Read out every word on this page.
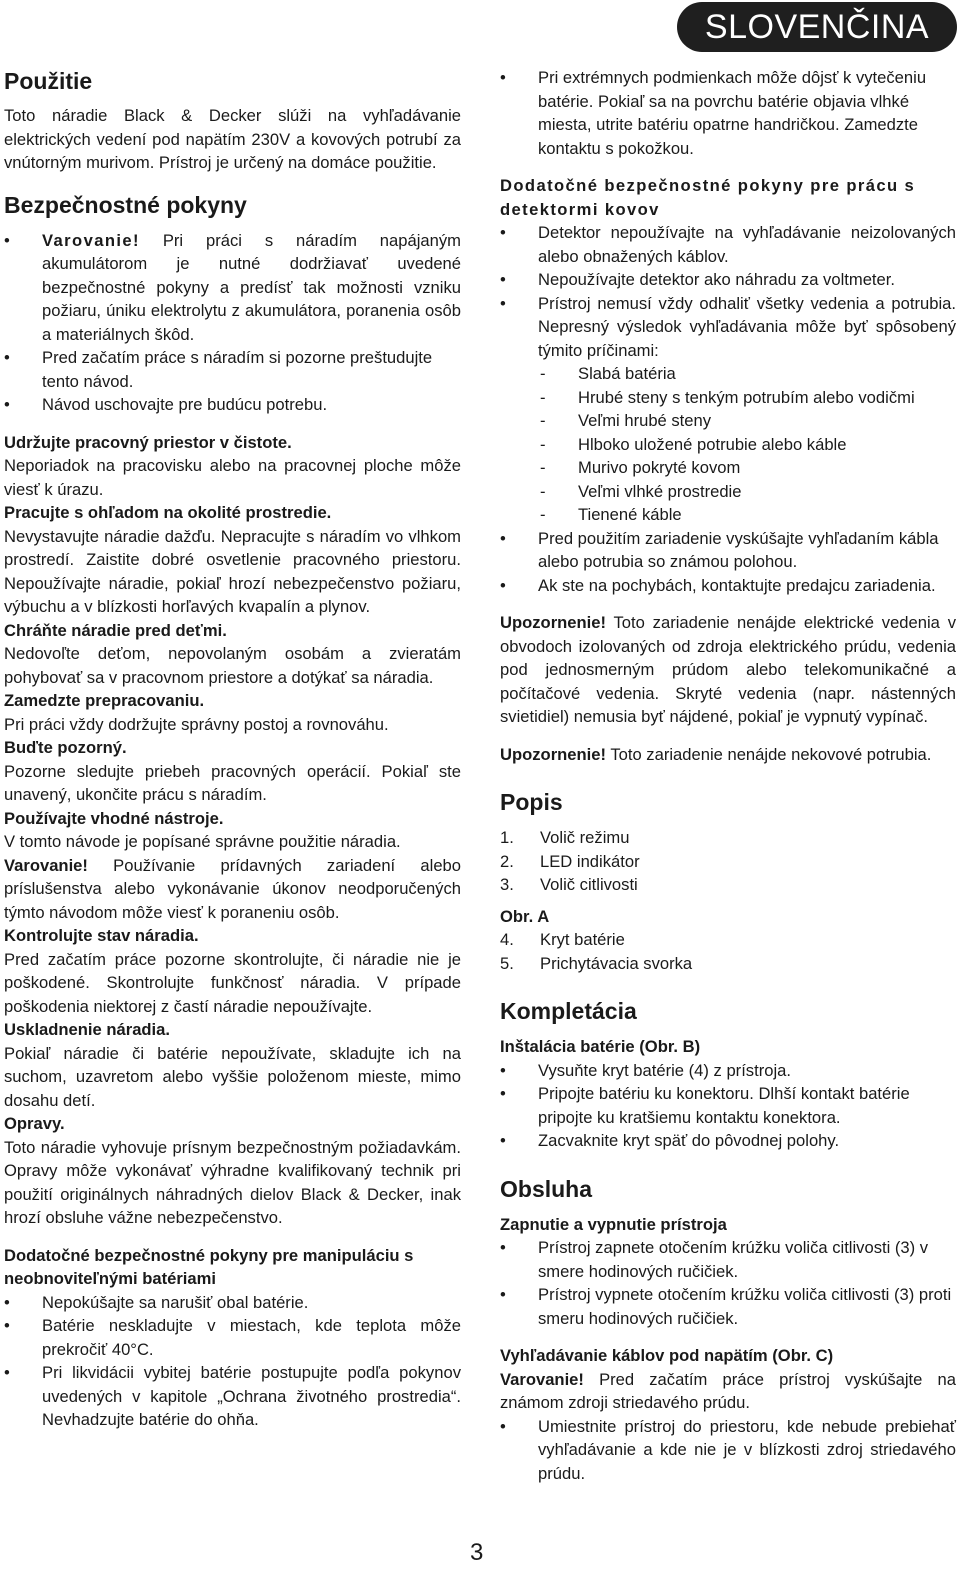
SLOVENČINA
Použitie
Toto náradie Black & Decker slúži na vyhľadávanie elektrických vedení pod napätím 230V a kovových potrubí za vnútorným murivom. Prístroj je určený na domáce použitie.
Bezpečnostné pokyny
• Varovanie! Pri práci s náradím napájaným akumulátorom je nutné dodržiavať uvedené bezpečnostné pokyny a predísť tak možnosti vzniku požiaru, úniku elektrolytu z akumulátora, poranenia osôb a materiálnych škôd.
• Pred začatím práce s náradím si pozorne preštudujte tento návod.
• Návod uschovajte pre budúcu potrebu.
Udržujte pracovný priestor v čistote.
Neporiadok na pracovisku alebo na pracovnej ploche môže viesť k úrazu.
Pracujte s ohľadom na okolité prostredie.
Nevystavujte náradie dažďu. Nepracujte s náradím vo vlhkom prostredí. Zaistite dobré osvetlenie pracovného priestoru. Nepoužívajte náradie, pokiaľ hrozí nebezpečenstvo požiaru, výbuchu a v blízkosti horľavých kvapalín a plynov.
Chráňte náradie pred deťmi.
Nedovoľte deťom, nepovolaným osobám a zvieratám pohybovať sa v pracovnom priestore a dotýkať sa náradia.
Zamedzte prepracovaniu.
Pri práci vždy dodržujte správny postoj a rovnováhu.
Buďte pozorný.
Pozorne sledujte priebeh pracovných operácií. Pokiaľ ste unavený, ukončite prácu s náradím.
Používajte vhodné nástroje.
V tomto návode je popísané správne použitie náradia.
Varovanie! Používanie prídavných zariadení alebo príslušenstva alebo vykonávanie úkonov neodporučených týmto návodom môže viesť k poraneniu osôb.
Kontrolujte stav náradia.
Pred začatím práce pozorne skontrolujte, či náradie nie je poškodené. Skontrolujte funkčnosť náradia. V prípade poškodenia niektorej z častí náradie nepoužívajte.
Uskladnenie náradia.
Pokiaľ náradie či batérie nepoužívate, skladujte ich na suchom, uzavretom alebo vyššie položenom mieste, mimo dosahu detí.
Opravy.
Toto náradie vyhovuje prísnym bezpečnostným požiadavkám. Opravy môže vykonávať výhradne kvalifikovaný technik pri použití originálnych náhradných dielov Black & Decker, inak hrozí obsluhe vážne nebezpečenstvo.
Dodatočné bezpečnostné pokyny pre manipuláciu s neobnoviteľnými batériami
• Nepokúšajte sa narušiť obal batérie.
• Batérie neskladujte v miestach, kde teplota môže prekročiť 40°C.
• Pri likvidácii vybitej batérie postupujte podľa pokynov uvedených v kapitole „Ochrana životného prostredia“. Nevhadzujte batérie do ohňa.
• Pri extrémnych podmienkach môže dôjsť k vytečeniu batérie. Pokiaľ sa na povrchu batérie objavia vlhké miesta, utrite batériu opatrne handričkou. Zamedzte kontaktu s pokožkou.
Dodatočné bezpečnostné pokyny pre prácu s detektormi kovov
• Detektor nepoužívajte na vyhľadávanie neizolovaných alebo obnažených káblov.
• Nepoužívajte detektor ako náhradu za voltmeter.
• Prístroj nemusí vždy odhaliť všetky vedenia a potrubia. Nepresný výsledok vyhľadávania môže byť spôsobený týmito príčinami:
- Slabá batéria
- Hrubé steny s tenkým potrubím alebo vodičmi
- Veľmi hrubé steny
- Hlboko uložené potrubie alebo káble
- Murivo pokryté kovom
- Veľmi vlhké prostredie
- Tienené káble
• Pred použitím zariadenie vyskúšajte vyhľadaním kábla alebo potrubia so známou polohou.
• Ak ste na pochybách, kontaktujte predajcu zariadenia.
Upozornenie! Toto zariadenie nenájde elektrické vedenia v obvodoch izolovaných od zdroja elektrického prúdu, vedenia pod jednosmerným prúdom alebo telekomunikačné a počítačové vedenia. Skryté vedenia (napr. nástenných svietidiel) nemusia byť nájdené, pokiaľ je vypnutý vypínač.
Upozornenie! Toto zariadenie nenájde nekovové potrubia.
Popis
1. Volič režimu
2. LED indikátor
3. Volič citlivosti
Obr. A
4. Kryt batérie
5. Prichytávacia svorka
Kompletácia
Inštalácia batérie (Obr. B)
• Vysuňte kryt batérie (4) z prístroja.
• Pripojte batériu ku konektoru. Dlhší kontakt batérie pripojte ku kratšiemu kontaktu konektora.
• Zacvaknite kryt späť do pôvodnej polohy.
Obsluha
Zapnutie a vypnutie prístroja
• Prístroj zapnete otočením krúžku voliča citlivosti (3) v smere hodinových ručičiek.
• Prístroj vypnete otočením krúžku voliča citlivosti (3) proti smeru hodinových ručičiek.
Vyhľadávanie káblov pod napätím (Obr. C)
Varovanie! Pred začatím práce prístroj vyskúšajte na známom zdroji striedavého prúdu.
• Umiestnite prístroj do priestoru, kde nebude prebiehať vyhľadávanie a kde nie je v blízkosti zdroj striedavého prúdu.
3
